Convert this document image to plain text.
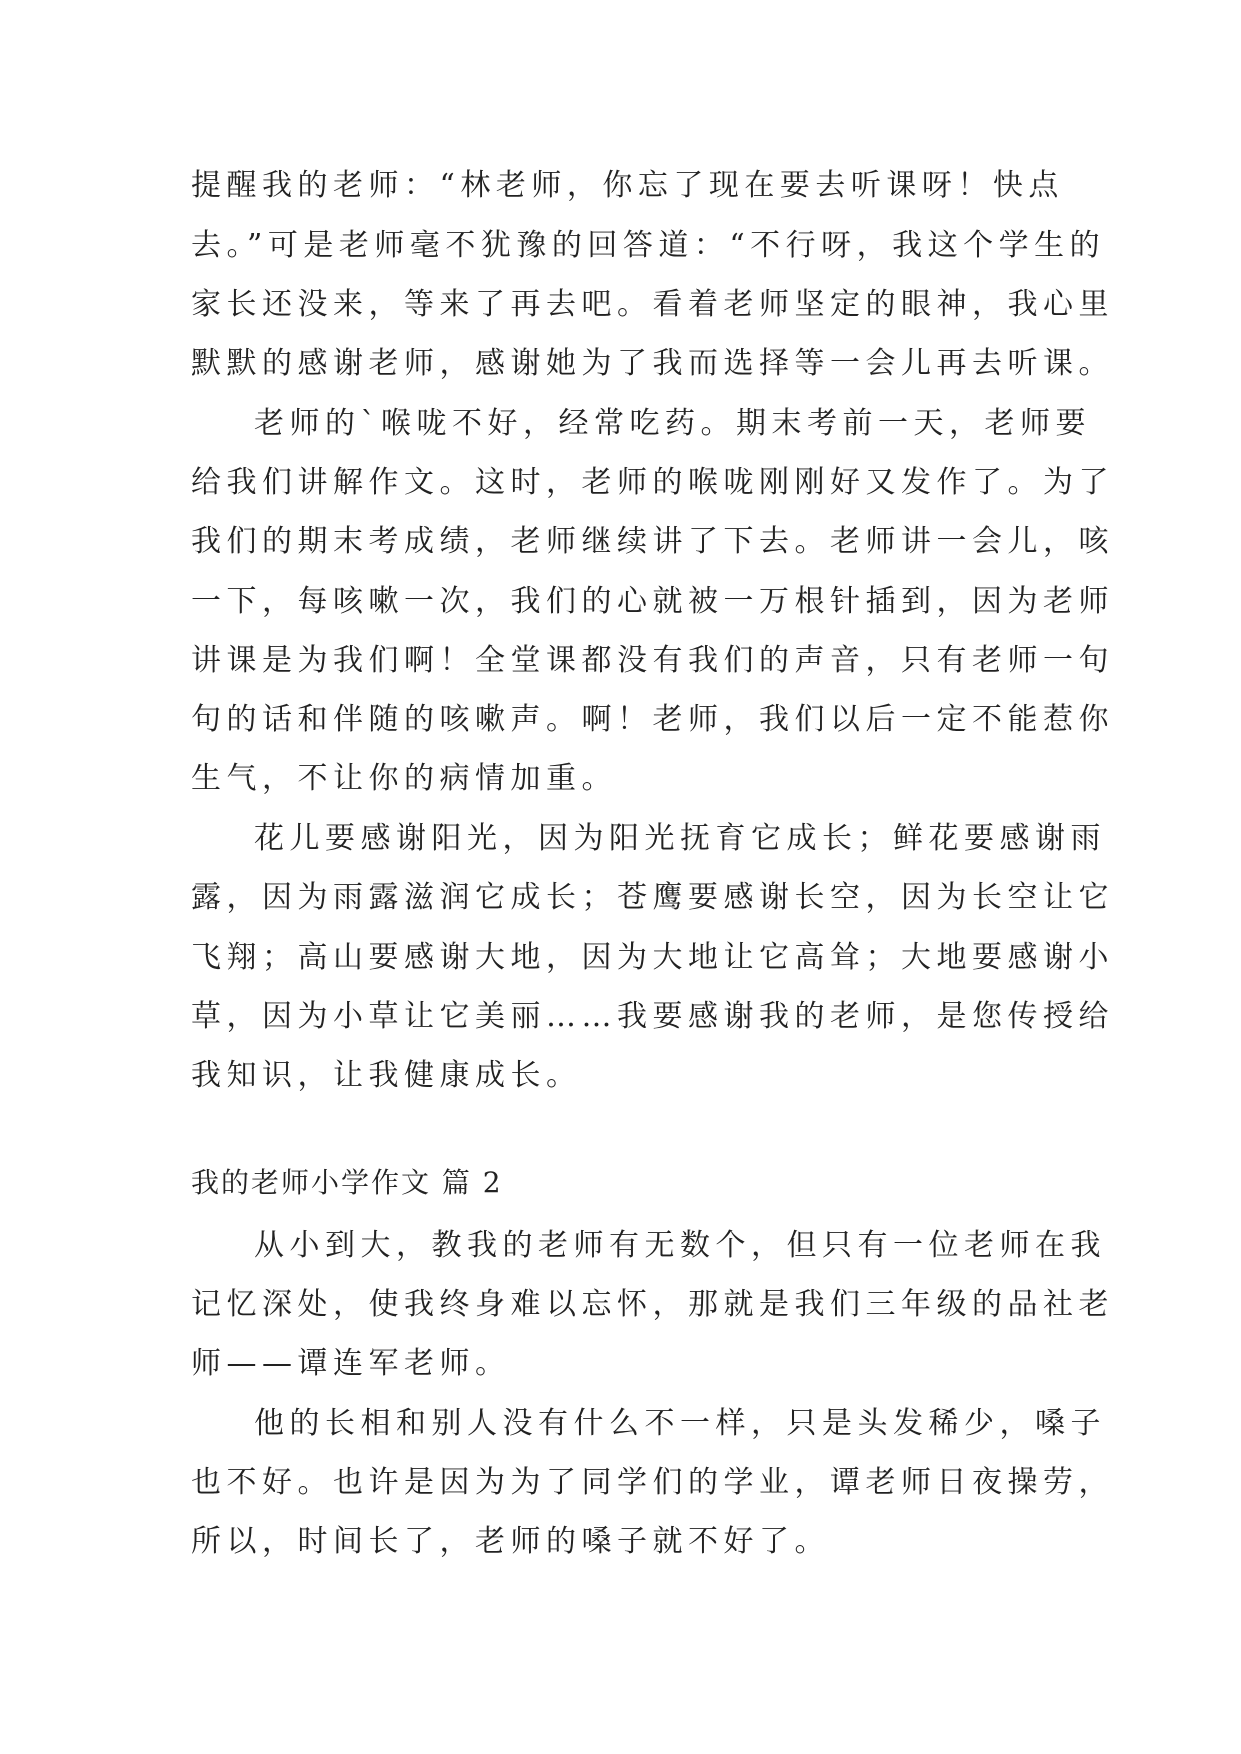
提醒我的老师：“林老师，你忘了现在要去听课呀！快点
去。”可是老师毫不犹豫的回答道：“不行呀，我这个学生的
家长还没来，等来了再去吧。看着老师坚定的眼神，我心里
默默的感谢老师，感谢她为了我而选择等一会儿再去听课。
老师的`喉咙不好，经常吃药。期末考前一天，老师要
给我们讲解作文。这时，老师的喉咙刚刚好又发作了。为了
我们的期末考成绩，老师继续讲了下去。老师讲一会儿，咳
一下，每咳嗽一次，我们的心就被一万根针插到，因为老师
讲课是为我们啊！全堂课都没有我们的声音，只有老师一句
句的话和伴随的咳嗽声。啊！老师，我们以后一定不能惹你
生气，不让你的病情加重。
花儿要感谢阳光，因为阳光抚育它成长；鲜花要感谢雨
露，因为雨露滋润它成长；苍鹰要感谢长空，因为长空让它
飞翔；高山要感谢大地，因为大地让它高耸；大地要感谢小
草，因为小草让它美丽……我要感谢我的老师，是您传授给
我知识，让我健康成长。
我的老师小学作文 篇 2
从小到大，教我的老师有无数个，但只有一位老师在我
记忆深处，使我终身难以忘怀，那就是我们三年级的品社老
师——谭连军老师。
他的长相和别人没有什么不一样，只是头发稀少，嗓子
也不好。也许是因为为了同学们的学业，谭老师日夜操劳，
所以，时间长了，老师的嗓子就不好了。
